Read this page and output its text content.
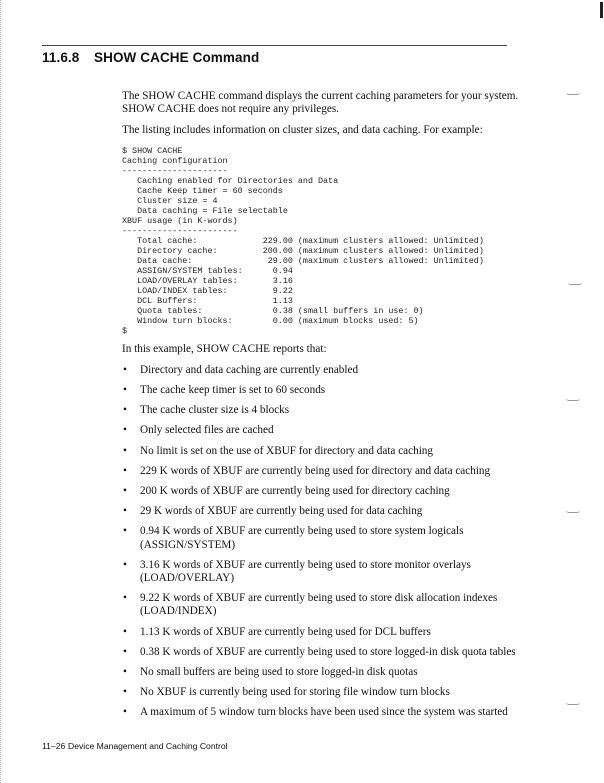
11.6.8 SHOW CACHE Command

The SHOW CACHE command displays the current caching parameters for your system. SHOW CACHE does not require any privileges.

The listing includes information on cluster sizes, and data caching. For example:

$ SHOW CACHE
Caching configuration
---------------------
Caching enabled for Directories and Data
Cache Keep timer = 60 seconds
Cluster size = 4
Data caching = File selectable
XBUF usage (in K-words)
-----------------------
Total cache:             229.00 (maximum clusters allowed: Unlimited)
Directory cache:         200.00 (maximum clusters allowed: Unlimited)
Data cache:               29.00 (maximum clusters allowed: Unlimited)
ASSIGN/SYSTEM tables:      0.94
LOAD/OVERLAY tables:       3.16
LOAD/INDEX tables:         9.22
DCL Buffers:               1.13
Quota tables:              0.38 (small buffers in use: 0)
Window turn blocks:        0.00 (maximum blocks used: 5)
$

In this example, SHOW CACHE reports that:

• Directory and data caching are currently enabled
• The cache keep timer is set to 60 seconds
• The cache cluster size is 4 blocks
• Only selected files are cached
• No limit is set on the use of XBUF for directory and data caching
• 229 K words of XBUF are currently being used for directory and data caching
• 200 K words of XBUF are currently being used for directory caching
• 29 K words of XBUF are currently being used for data caching
• 0.94 K words of XBUF are currently being used to store system logicals (ASSIGN/SYSTEM)
• 3.16 K words of XBUF are currently being used to store monitor overlays (LOAD/OVERLAY)
• 9.22 K words of XBUF are currently being used to store disk allocation indexes (LOAD/INDEX)
• 1.13 K words of XBUF are currently being used for DCL buffers
• 0.38 K words of XBUF are currently being used to store logged-in disk quota tables
• No small buffers are being used to store logged-in disk quotas
• No XBUF is currently being used for storing file window turn blocks
• A maximum of 5 window turn blocks have been used since the system was started
11–26 Device Management and Caching Control
